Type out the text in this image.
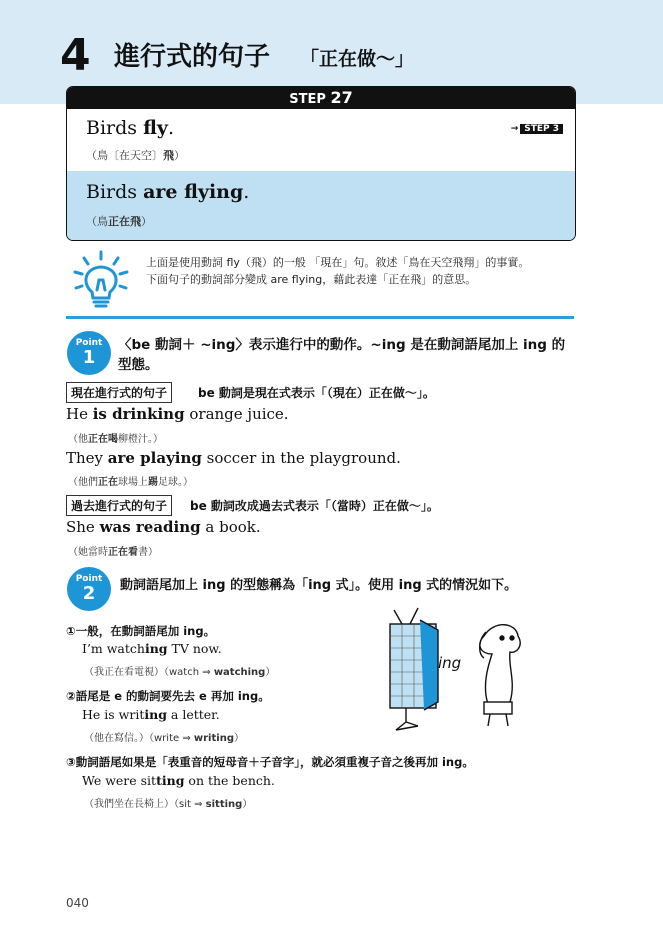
4 進行式的句子 「正在做～」
STEP 27
Birds fly.
（鳥〔在天空〕飛）
→ STEP 3
Birds are flying.
（鳥正在飛）
上面是使用動詞 fly（飛）的一般 「現在」句。敘述「鳥在天空飛翔」的事實。
下面句子的動詞部分變成 are flying，藉此表達「正在飛」的意思。
Point
1
〈be 動詞＋ ~ing〉表示進行中的動作。~ing 是在動詞語尾加上 ing 的型態。
現在進行式的句子	be 動詞是現在式表示「（現在）正在做～」。
He is drinking orange juice.
（他正在喝柳橙汁。）
They are playing soccer in the playground.
（他們正在球場上踢足球。）
過去進行式的句子	be 動詞改成過去式表示「（當時）正在做～」。
She was reading a book.
（她當時正在看書）
Point
2	動詞語尾加上 ing 的型態稱為「ing 式」。使用 ing 式的情況如下。
①一般，在動詞語尾加 ing。
I’m watching TV now.
（我正在看電視）（watch ⇒ watching）
②語尾是 e 的動詞要先去 e 再加 ing。
He is writing a letter.
（他在寫信。）（write ⇒ writing）
③動詞語尾如果是「表重音的短母音＋子音字」，就必須重複子音之後再加 ing。
We were sitting on the bench.
（我們坐在長椅上）（sit ⇒ sitting）
ing
040
